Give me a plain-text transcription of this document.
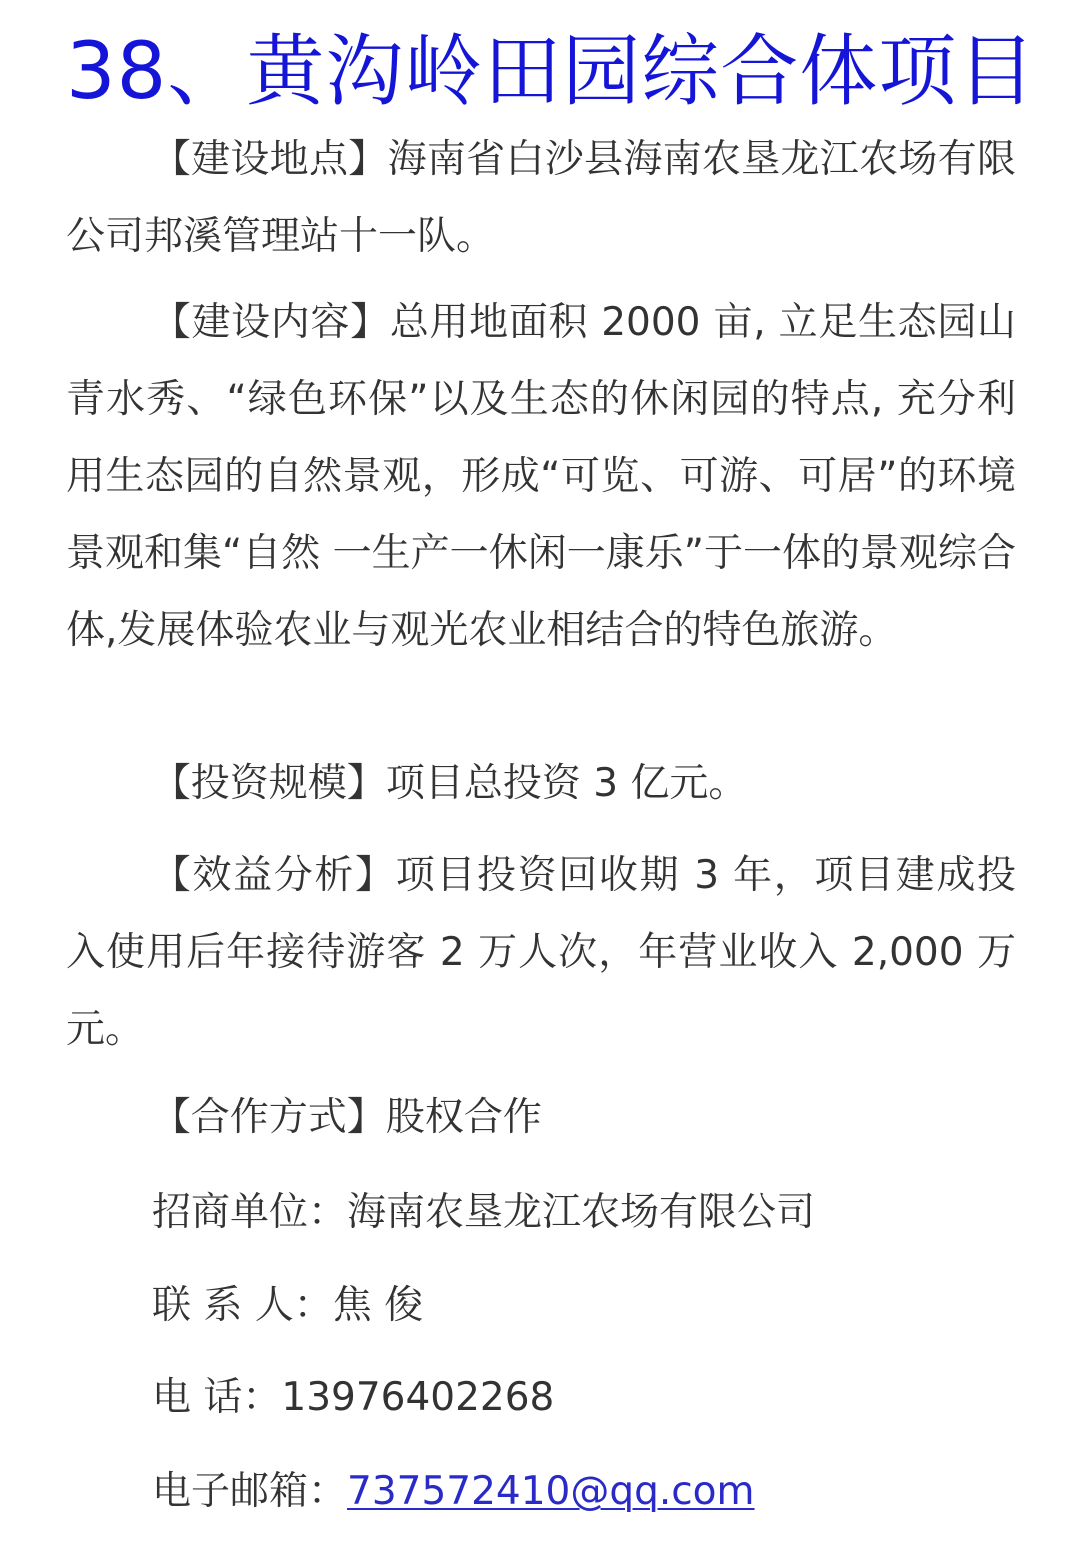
38、黄沟岭田园综合体项目

【建设地点】海南省白沙县海南农垦龙江农场有限公司邦溪管理站十一队。

【建设内容】总用地面积 2000 亩, 立足生态园山青水秀、“绿色环保”以及生态的休闲园的特点, 充分利用生态园的自然景观，形成“可览、可游、可居”的环境景观和集“自然 一生产一休闲一康乐”于一体的景观综合体,发展体验农业与观光农业相结合的特色旅游。

【投资规模】项目总投资 3 亿元。

【效益分析】项目投资回收期 3 年，项目建成投入使用后年接待游客 2 万人次，年营业收入 2,000 万元。

【合作方式】股权合作

招商单位：海南农垦龙江农场有限公司

联 系 人：焦 俊

电 话：13976402268

电子邮箱：737572410@qq.com
